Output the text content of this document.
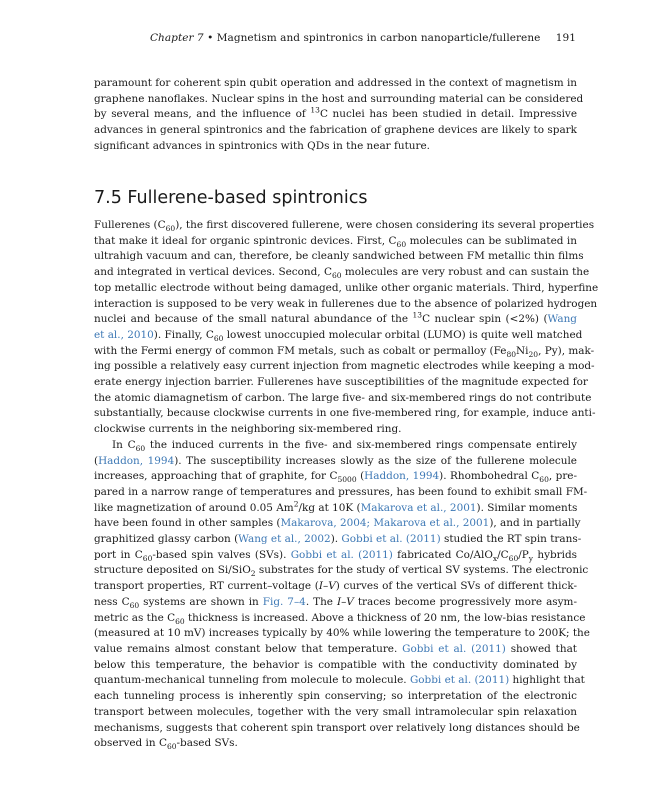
Chapter 7 • Magnetism and spintronics in carbon nanoparticle/fullerene 191
paramount for coherent spin qubit operation and addressed in the context of magnetism in
graphene nanoflakes. Nuclear spins in the host and surrounding material can be considered
by several means, and the influence of $^{13}$C nuclei has been studied in detail. Impressive
advances in general spintronics and the fabrication of graphene devices are likely to spark
significant advances in spintronics with QDs in the near future.
7.5 Fullerene-based spintronics
Fullerenes $(C_{60})$, the first discovered fullerene, were chosen considering its several properties
that make it ideal for organic spintronic devices. First, $C_{60}$ molecules can be sublimated in
ultrahigh vacuum and can, therefore, be cleanly sandwiched between FM metallic thin films
and integrated in vertical devices. Second, $C_{60}$ molecules are very robust and can sustain the
top metallic electrode without being damaged, unlike other organic materials. Third, hyperfine
interaction is supposed to be very weak in fullerenes due to the absence of polarized hydrogen
nuclei and because of the small natural abundance of the $^{13}$C nuclear spin (<2%) (Wang
et al., 2010). Finally, $C_{60}$ lowest unoccupied molecular orbital (LUMO) is quite well matched
with the Fermi energy of common FM metals, such as cobalt or permalloy ($Fe_{80}Ni_{20}$, Py), mak-
ing possible a relatively easy current injection from magnetic electrodes while keeping a mod-
erate energy injection barrier. Fullerenes have susceptibilities of the magnitude expected for
the atomic diamagnetism of carbon. The large five- and six-membered rings do not contribute
substantially, because clockwise currents in one five-membered ring, for example, induce anti-
clockwise currents in the neighboring six-membered ring.
In $C_{60}$ the induced currents in the five- and six-membered rings compensate entirely
(Haddon, 1994). The susceptibility increases slowly as the size of the fullerene molecule
increases, approaching that of graphite, for $C_{5000}$ (Haddon, 1994). Rhombohedral $C_{60}$, pre-
pared in a narrow range of temperatures and pressures, has been found to exhibit small FM-
like magnetization of around 0.05 Am$^2$/kg at 10K (Makarova et al., 2001). Similar moments
have been found in other samples (Makarova, 2004; Makarova et al., 2001), and in partially
graphitized glassy carbon (Wang et al., 2002). Gobbi et al. (2011) studied the RT spin trans-
port in $C_{60}$-based spin valves (SVs). Gobbi et al. (2011) fabricated $Co/AlO_x/C_{60}/P_y$ hybrids
structure deposited on Si/SiO$_2$ substrates for the study of vertical SV systems. The electronic
transport properties, RT current–voltage (I–V) curves of the vertical SVs of different thick-
ness $C_{60}$ systems are shown in Fig. 7–4. The I–V traces become progressively more asym-
metric as the $C_{60}$ thickness is increased. Above a thickness of 20 nm, the low-bias resistance
(measured at 10 mV) increases typically by 40% while lowering the temperature to 200K; the
value remains almost constant below that temperature. Gobbi et al. (2011) showed that
below this temperature, the behavior is compatible with the conductivity dominated by
quantum-mechanical tunneling from molecule to molecule. Gobbi et al. (2011) highlight that
each tunneling process is inherently spin conserving; so interpretation of the electronic
transport between molecules, together with the very small intramolecular spin relaxation
mechanisms, suggests that coherent spin transport over relatively long distances should be
observed in $C_{60}$-based SVs.
